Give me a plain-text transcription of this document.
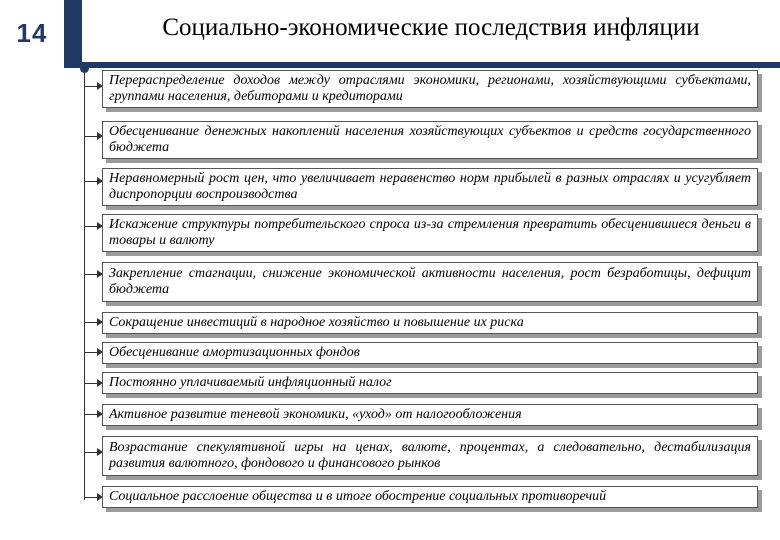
14	Социально-экономические последствия инфляции
Перераспределение доходов между отраслями экономики, регионами, хозяйствующими субъектами, группами населения, дебиторами и кредиторами
Обесценивание денежных накоплений населения хозяйствующих субъектов и средств государственного бюджета
Неравномерный рост цен, что увеличивает неравенство норм прибылей в разных отраслях и усугубляет диспропорции воспроизводства
Искажение структуры потребительского спроса из-за стремления превратить обесценившиеся деньги в товары и валюту
Закрепление стагнации, снижение экономической активности населения, рост безработицы, дефицит бюджета
Сокращение инвестиций в народное хозяйство и повышение их риска
Обесценивание амортизационных фондов
Постоянно уплачиваемый инфляционный налог
Активное развитие теневой экономики, «уход» от налогообложения
Возрастание спекулятивной игры на ценах, валюте, процентах, а следовательно, дестабилизация развития валютного, фондового и финансового рынков
Социальное расслоение общества и в итоге обострение социальных противоречий
